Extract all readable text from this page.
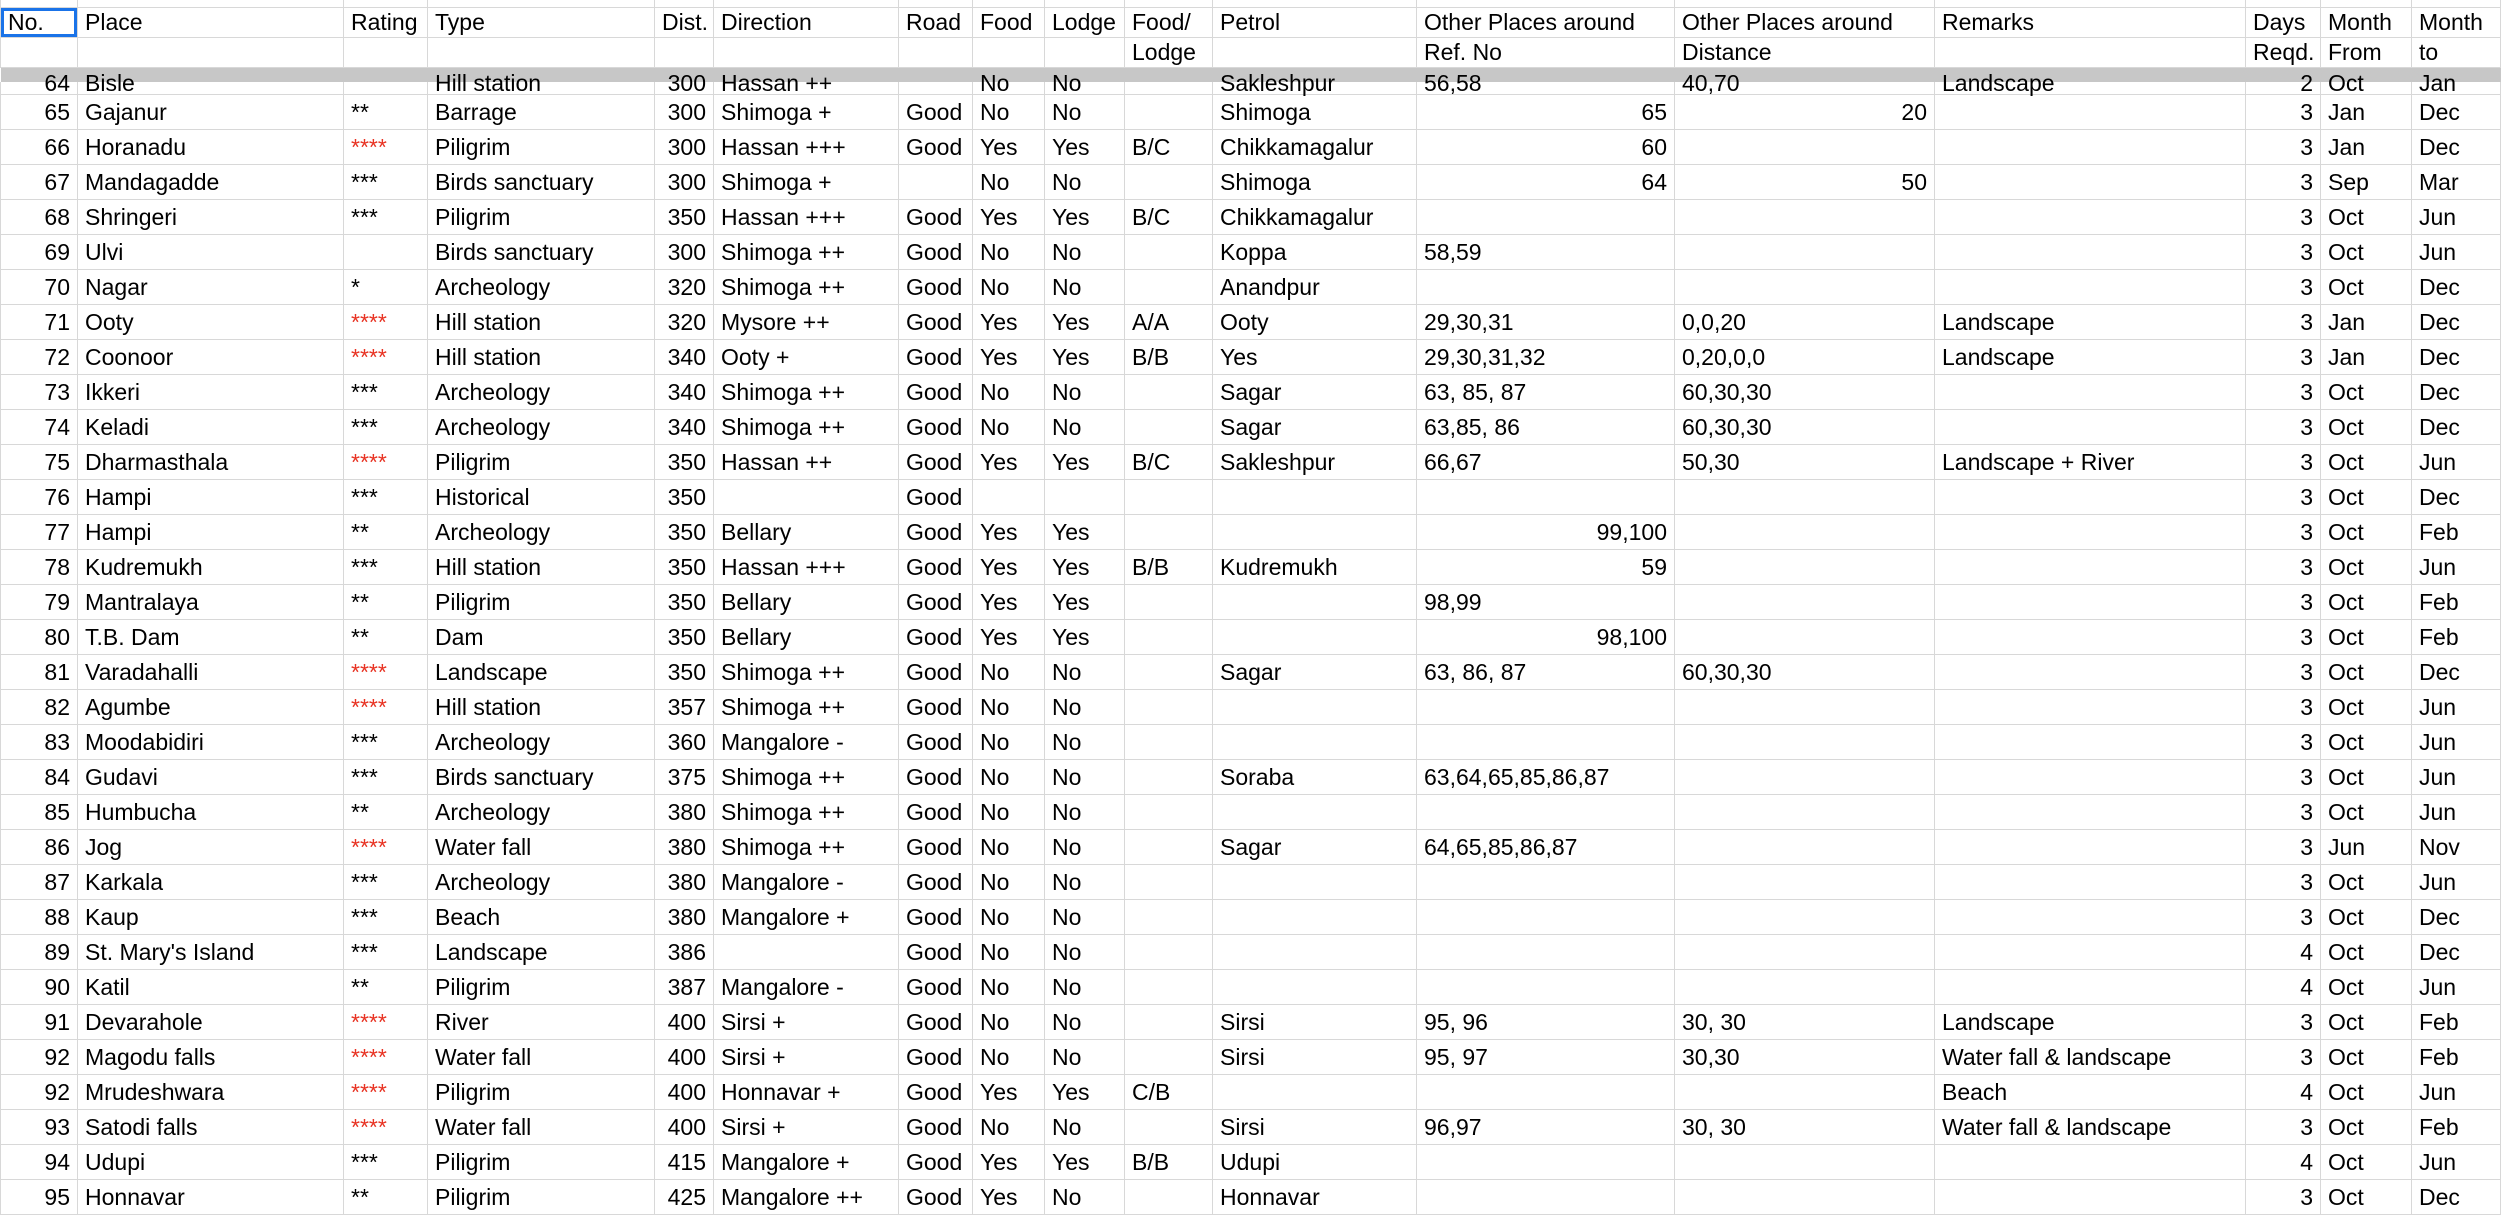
No.	Place	Rating	Type	Dist.	Direction	Road	Food	Lodge	Food/	Petrol	Other Places around	Other Places around	Remarks	Days	Month	Month
									Lodge		Ref. No	Distance		Reqd.	From	to

64	Bisle		Hill station	300	Hassan ++		No	No		Sakleshpur	56,58	40,70	Landscape	2	Oct	Jan

65	Gajanur	**	Barrage	300	Shimoga +	Good	No	No		Shimoga	65	20		3	Jan	Dec
66	Horanadu	****	Piligrim	300	Hassan +++	Good	Yes	Yes	B/C	Chikkamagalur	60			3	Jan	Dec
67	Mandagadde	***	Birds sanctuary	300	Shimoga +		No	No		Shimoga	64	50		3	Sep	Mar
68	Shringeri	***	Piligrim	350	Hassan +++	Good	Yes	Yes	B/C	Chikkamagalur				3	Oct	Jun
69	Ulvi		Birds sanctuary	300	Shimoga ++	Good	No	No		Koppa	58,59			3	Oct	Jun
70	Nagar	*	Archeology	320	Shimoga ++	Good	No	No		Anandpur				3	Oct	Dec
71	Ooty	****	Hill station	320	Mysore ++	Good	Yes	Yes	A/A	Ooty	29,30,31	0,0,20	Landscape	3	Jan	Dec
72	Coonoor	****	Hill station	340	Ooty +	Good	Yes	Yes	B/B	Yes	29,30,31,32	0,20,0,0	Landscape	3	Jan	Dec
73	Ikkeri	***	Archeology	340	Shimoga ++	Good	No	No		Sagar	63, 85, 87	60,30,30		3	Oct	Dec
74	Keladi	***	Archeology	340	Shimoga ++	Good	No	No		Sagar	63,85, 86	60,30,30		3	Oct	Dec
75	Dharmasthala	****	Piligrim	350	Hassan ++	Good	Yes	Yes	B/C	Sakleshpur	66,67	50,30	Landscape + River	3	Oct	Jun
76	Hampi	***	Historical	350		Good								3	Oct	Dec
77	Hampi	**	Archeology	350	Bellary	Good	Yes	Yes			99,100			3	Oct	Feb
78	Kudremukh	***	Hill station	350	Hassan +++	Good	Yes	Yes	B/B	Kudremukh	59			3	Oct	Jun
79	Mantralaya	**	Piligrim	350	Bellary	Good	Yes	Yes			98,99			3	Oct	Feb
80	T.B. Dam	**	Dam	350	Bellary	Good	Yes	Yes			98,100			3	Oct	Feb
81	Varadahalli	****	Landscape	350	Shimoga ++	Good	No	No		Sagar	63, 86, 87	60,30,30		3	Oct	Dec
82	Agumbe	****	Hill station	357	Shimoga ++	Good	No	No						3	Oct	Jun
83	Moodabidiri	***	Archeology	360	Mangalore -	Good	No	No						3	Oct	Jun
84	Gudavi	***	Birds sanctuary	375	Shimoga ++	Good	No	No		Soraba	63,64,65,85,86,87			3	Oct	Jun
85	Humbucha	**	Archeology	380	Shimoga ++	Good	No	No						3	Oct	Jun
86	Jog	****	Water fall	380	Shimoga ++	Good	No	No		Sagar	64,65,85,86,87			3	Jun	Nov
87	Karkala	***	Archeology	380	Mangalore -	Good	No	No						3	Oct	Jun
88	Kaup	***	Beach	380	Mangalore +	Good	No	No						3	Oct	Dec
89	St. Mary's Island	***	Landscape	386		Good	No	No						4	Oct	Dec
90	Katil	**	Piligrim	387	Mangalore -	Good	No	No						4	Oct	Jun
91	Devarahole	****	River	400	Sirsi +	Good	No	No		Sirsi	95, 96	30, 30	Landscape	3	Oct	Feb
92	Magodu falls	****	Water fall	400	Sirsi +	Good	No	No		Sirsi	95, 97	30,30	Water fall & landscape	3	Oct	Feb
92	Mrudeshwara	****	Piligrim	400	Honnavar +	Good	Yes	Yes	C/B				Beach	4	Oct	Jun
93	Satodi falls	****	Water fall	400	Sirsi +	Good	No	No		Sirsi	96,97	30, 30	Water fall & landscape	3	Oct	Feb
94	Udupi	***	Piligrim	415	Mangalore +	Good	Yes	Yes	B/B	Udupi				4	Oct	Jun
95	Honnavar	**	Piligrim	425	Mangalore ++	Good	Yes	No		Honnavar				3	Oct	Dec
